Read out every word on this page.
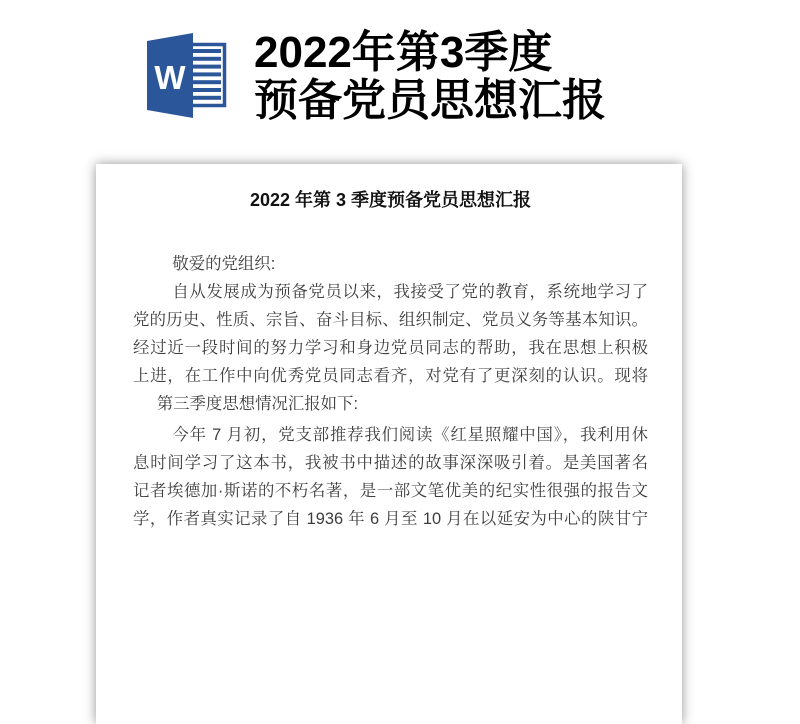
W
2022年第3季度
预备党员思想汇报
2022 年第 3 季度预备党员思想汇报
敬爱的党组织:
自从发展成为预备党员以来，我接受了党的教育，系统地学习了
党的历史、性质、宗旨、奋斗目标、组织制定、党员义务等基本知识。
经过近一段时间的努力学习和身边党员同志的帮助，我在思想上积极
上进，在工作中向优秀党员同志看齐，对党有了更深刻的认识。现将
第三季度思想情况汇报如下:
今年 7 月初，党支部推荐我们阅读《红星照耀中国》，我利用休
息时间学习了这本书，我被书中描述的故事深深吸引着。是美国著名
记者埃德加·斯诺的不朽名著，是一部文笔优美的纪实性很强的报告文
学，作者真实记录了自 1936 年 6 月至 10 月在以延安为中心的陕甘宁
